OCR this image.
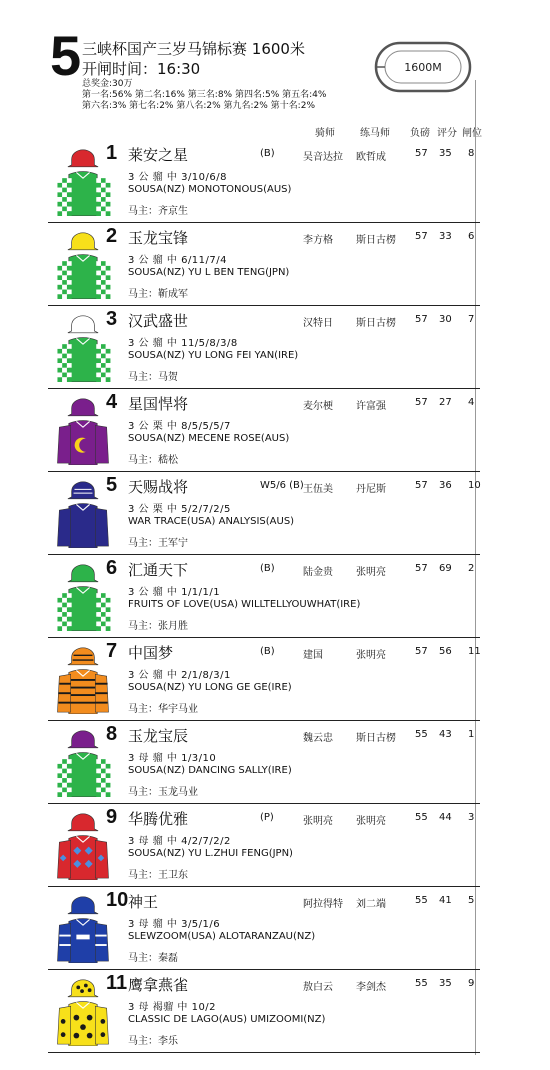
5 三峡杯国产三岁马锦标赛 1600米
开闸时间：16:30
总奖金:30万
第一名:56% 第二名:16% 第三名:8% 第四名:5% 第五名:4%
第六名:3% 第七名:2% 第八名:2% 第九名:2% 第十名:2%
1600M
骑师	练马师 负磅 评分 闸位
1 莱安之星	(B)	吴音达拉 欧哲成	57 35 8
3 公 骝 中 3/10/6/8
SOUSA(NZ) MONOTONOUS(AUS)
马主：齐京生
2 玉龙宝锋	李方格 斯日古楞 57 33 6
3 公 骝 中 6/11/7/4
SOUSA(NZ) YU L BEN TENG(JPN)
马主：靳成军
3 汉武盛世	汉特日 斯日古楞 57 30 7
3 公 骝 中 11/5/8/3/8
SOUSA(NZ) YU LONG FEI YAN(IRE)
马主：马贺
4 星国悍将	麦尔梗 许富强	57 27 4
3 公 栗 中 8/5/5/5/7
SOUSA(NZ) MECENE ROSE(AUS)
马主：嵇松
5 天赐战将	W5/6 (B) 王伍美 丹尼斯	57 36 10
3 公 栗 中 5/2/7/2/5
WAR TRACE(USA) ANALYSIS(AUS)
马主：王军宁
6 汇通天下	(B)	陆金贵 张明亮	57 69 2
3 公 骝 中 1/1/1/1
FRUITS OF LOVE(USA) WILLTELLYOUWHAT(IRE)
马主：张月胜
7 中国梦	(B)	建国	张明亮	57 56 11
3 公 骝 中 2/1/8/3/1
SOUSA(NZ) YU LONG GE GE(IRE)
马主：华宇马业
8 玉龙宝辰	魏云忠 斯日古楞 55 43 1
3 母 骝 中 1/3/10
SOUSA(NZ) DANCING SALLY(IRE)
马主：玉龙马业
9 华腾优雅	(P)	张明亮 张明亮	55 44 3
3 母 骝 中 4/2/7/2/2
SOUSA(NZ) YU L.ZHUI FENG(JPN)
马主：王卫东
10 神王	阿拉得特 刘二端	55 41 5
3 母 骝 中 3/5/1/6
SLEWZOOM(USA) ALOTARANZAU(NZ)
马主：秦磊
11 鹰拿燕雀	敖白云 李剑杰	55 35 9
3 母 褐骝 中 10/2
CLASSIC DE LAGO(AUS) UMIZOOMI(NZ)
马主：李乐
